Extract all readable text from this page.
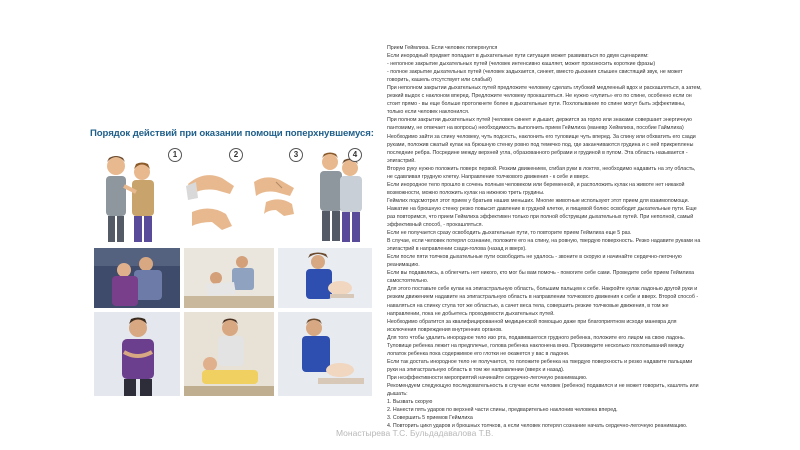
Порядок действий при оказании помощи поперхнувшемуся:
1	2	3	4

Прием Геймлиха. Если человек поперхнулся

Если инородный предмет попадает в дыхательные пути ситуация может развиваться по двум сценариям:

- неполное закрытие дыхательных путей (человек интенсивно кашляет, может произносить короткие фразы)

- полное закрытие дыхательных путей (человек задыхается, синеет, вместо дыхания слышен свистящий звук, не может

говорить, кашель отсутствует или слабый)

При неполном закрытии дыхательных путей предложите человеку сделать глубокий медленный вдох и раскашляться, а затем,

резкий выдох с наклоном вперед. Предложите человеку прокашляться. Не нужно «лупить» его по спине, особенно если он

стоит прямо - вы еще больше протолкнете более в дыхательные пути. Похлопывание по спине могут быть эффективны,

только если человек наклонился.

При полном закрытии дыхательных путей (человек синеет и дышит, держится за горло или знаками совершает энергичную

пантомиму, не отвечает на вопросы) необходимость выполнить прием Геймлиха (маневр Хеймлиха, пособие Гаймлиха)

Необходимо зайти за спину человеку, чуть подсесть, наклонить его туловище чуть вперед. За спину или обхватить его сзади

руками, положив сжатый кулак на брюшную стенку ровно под темечко под, где заканчиваются грудина и с ней прикреплены

последние ребра. Посредине между верхней угла, образованного ребрами и грудиной в пупом. Эта область называется -

эпигастрий.

Вторую руку нужно положить поверх первой. Резким движением, сгибая руки в локтях, необходимо надавить на эту область,

не сдавливая грудную клетку. Направление толчкового движения - к себе и вверх.

Если инородное тело прошло в сочень полным человеком или беременной, и расположить кулак на животе нет никакой

возможности, можно положить кулак на нижнюю треть грудины.

Геймлих подсмотрел этот прием у братьев наших меньших. Многие животные используют этот прием для взаимопомощи.

Нажатие на брюшную стенку резко повысит давление в грудной клетке, и пищевой болюс освободит дыхательные пути. Еще

раз повторимся, что прием Геймлиха эффективен только при полной обструкции дыхательных путей. При неполной, самый

эффективный способ, - прокашляться.

Если не получается сразу освободить дыхательные пути, то повторите прием Геймлиха еще 5 раз.

В случае, если человек потерял сознание, положите его на спину, на ровную, твердую поверхность. Резко надавите руками на

эпигастрий в направлении сзади-голова (назад и вверх).

Если после пяти толчков дыхательные пути освободить не удалось - звоните в скорую и начинайте сердечно-легочную

реанимацию.

Если вы подавились, а облегчить нет никого, кто мог бы вам помочь - помогите себе сами. Проведите себе прием Геймлиха

самостоятельно.

Для этого поставьте себе кулак на эпигастральную область, большим пальцем к себе. Накройте кулак ладонью другой руки и

резким движением надавите на эпигастральную область в направлении толчкового движения к себе и вверх. Второй способ -

наваляться на спинку стула тот же областью, а сачет веса тела, совершить резкие толчковые движения, в том же

направлении, пока не добьетесь проходимости дыхательных путей.

Необходимо обратится за квалифицированной медицинской помощью даже при благоприятном исходе маневра для

исключения повреждения внутренних органов.

Для того чтобы удалить инородное тело изо рта, подавившегося грудного ребенка, положите его лицом на свою ладонь.

Туловище ребенка лежит на предплечье, голова ребенка наклонена вниз. Произведите несколько похлопываний между

лопаток ребенка пока содержимое его глотки не окажется у вас в ладони.

Если так достать инородное тело не получается, то положите ребенка на твердую поверхность и резко надавите пальцами

руки на эпигастральную область в том же направлении (вверх и назад).

При неэффективности мероприятий начинайте сердечно-легочную реанимацию.

Рекомендуем следующую последовательность в случае если человек (ребенок) подавился и не может говорить, кашлять или

дышать:

1. Вызвать скорую

2. Нанести пять ударов по верхней части спины, предварительно наклонив человека вперед.

3. Совершить 5 приемов Геймлиха

4. Повторить цикл ударов и брюшных толчков, а если человек потерял сознание начать сердечно-легочную реанимацию.

Монастырева Т.С. Бульдадавалова Т.В.
